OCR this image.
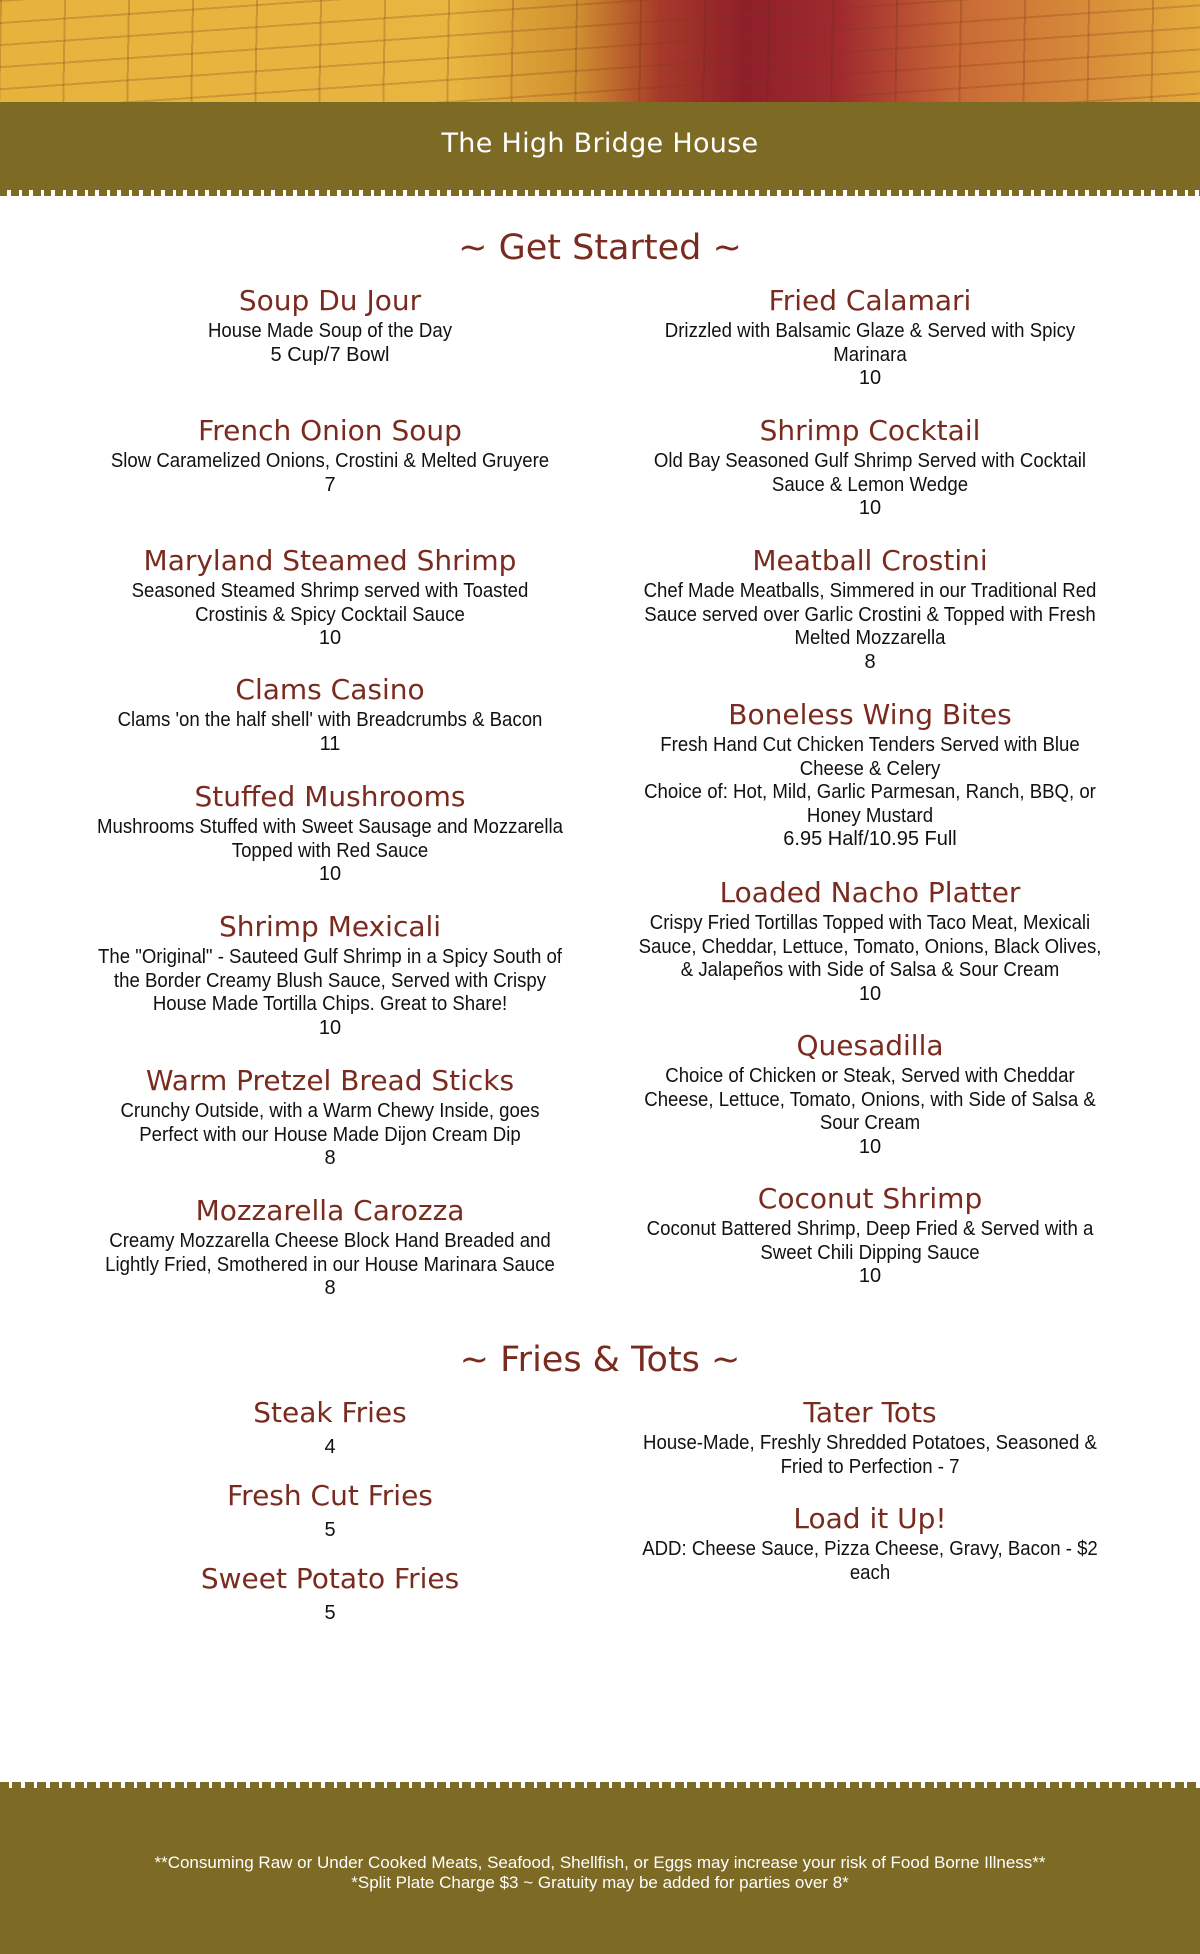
The High Bridge House
~ Get Started ~

Soup Du Jour

House Made Soup of the Day

5 Cup/7 Bowl

French Onion Soup

Slow Caramelized Onions, Crostini & Melted Gruyere

7

Maryland Steamed Shrimp

Seasoned Steamed Shrimp served with Toasted Crostinis & Spicy Cocktail Sauce

10

Clams Casino

Clams 'on the half shell' with Breadcrumbs & Bacon

11

Stuffed Mushrooms

Mushrooms Stuffed with Sweet Sausage and Mozzarella Topped with Red Sauce

10

Shrimp Mexicali

The "Original" - Sauteed Gulf Shrimp in a Spicy South of the Border Creamy Blush Sauce, Served with Crispy House Made Tortilla Chips. Great to Share!

10

Warm Pretzel Bread Sticks

Crunchy Outside, with a Warm Chewy Inside, goes Perfect with our House Made Dijon Cream Dip

8

Mozzarella Carozza

Creamy Mozzarella Cheese Block Hand Breaded and Lightly Fried, Smothered in our House Marinara Sauce

8

Fried Calamari

Drizzled with Balsamic Glaze & Served with Spicy Marinara

10

Shrimp Cocktail

Old Bay Seasoned Gulf Shrimp Served with Cocktail Sauce & Lemon Wedge

10

Meatball Crostini

Chef Made Meatballs, Simmered in our Traditional Red Sauce served over Garlic Crostini & Topped with Fresh Melted Mozzarella

8

Boneless Wing Bites

Fresh Hand Cut Chicken Tenders Served with Blue Cheese & Celery

Choice of: Hot, Mild, Garlic Parmesan, Ranch, BBQ, or Honey Mustard

6.95 Half/10.95 Full

Loaded Nacho Platter

Crispy Fried Tortillas Topped with Taco Meat, Mexicali Sauce, Cheddar, Lettuce, Tomato, Onions, Black Olives, & Jalapeños with Side of Salsa & Sour Cream

10

Quesadilla

Choice of Chicken or Steak, Served with Cheddar Cheese, Lettuce, Tomato, Onions, with Side of Salsa & Sour Cream

10

Coconut Shrimp

Coconut Battered Shrimp, Deep Fried & Served with a Sweet Chili Dipping Sauce

10

~ Fries & Tots ~

Steak Fries

4

Fresh Cut Fries

5

Sweet Potato Fries

5

Tater Tots

House-Made, Freshly Shredded Potatoes, Seasoned & Fried to Perfection - 7

Load it Up!

ADD: Cheese Sauce, Pizza Cheese, Gravy, Bacon - $2 each

**Consuming Raw or Under Cooked Meats, Seafood, Shellfish, or Eggs may increase your risk of Food Borne Illness**
*Split Plate Charge $3 ~ Gratuity may be added for parties over 8*
